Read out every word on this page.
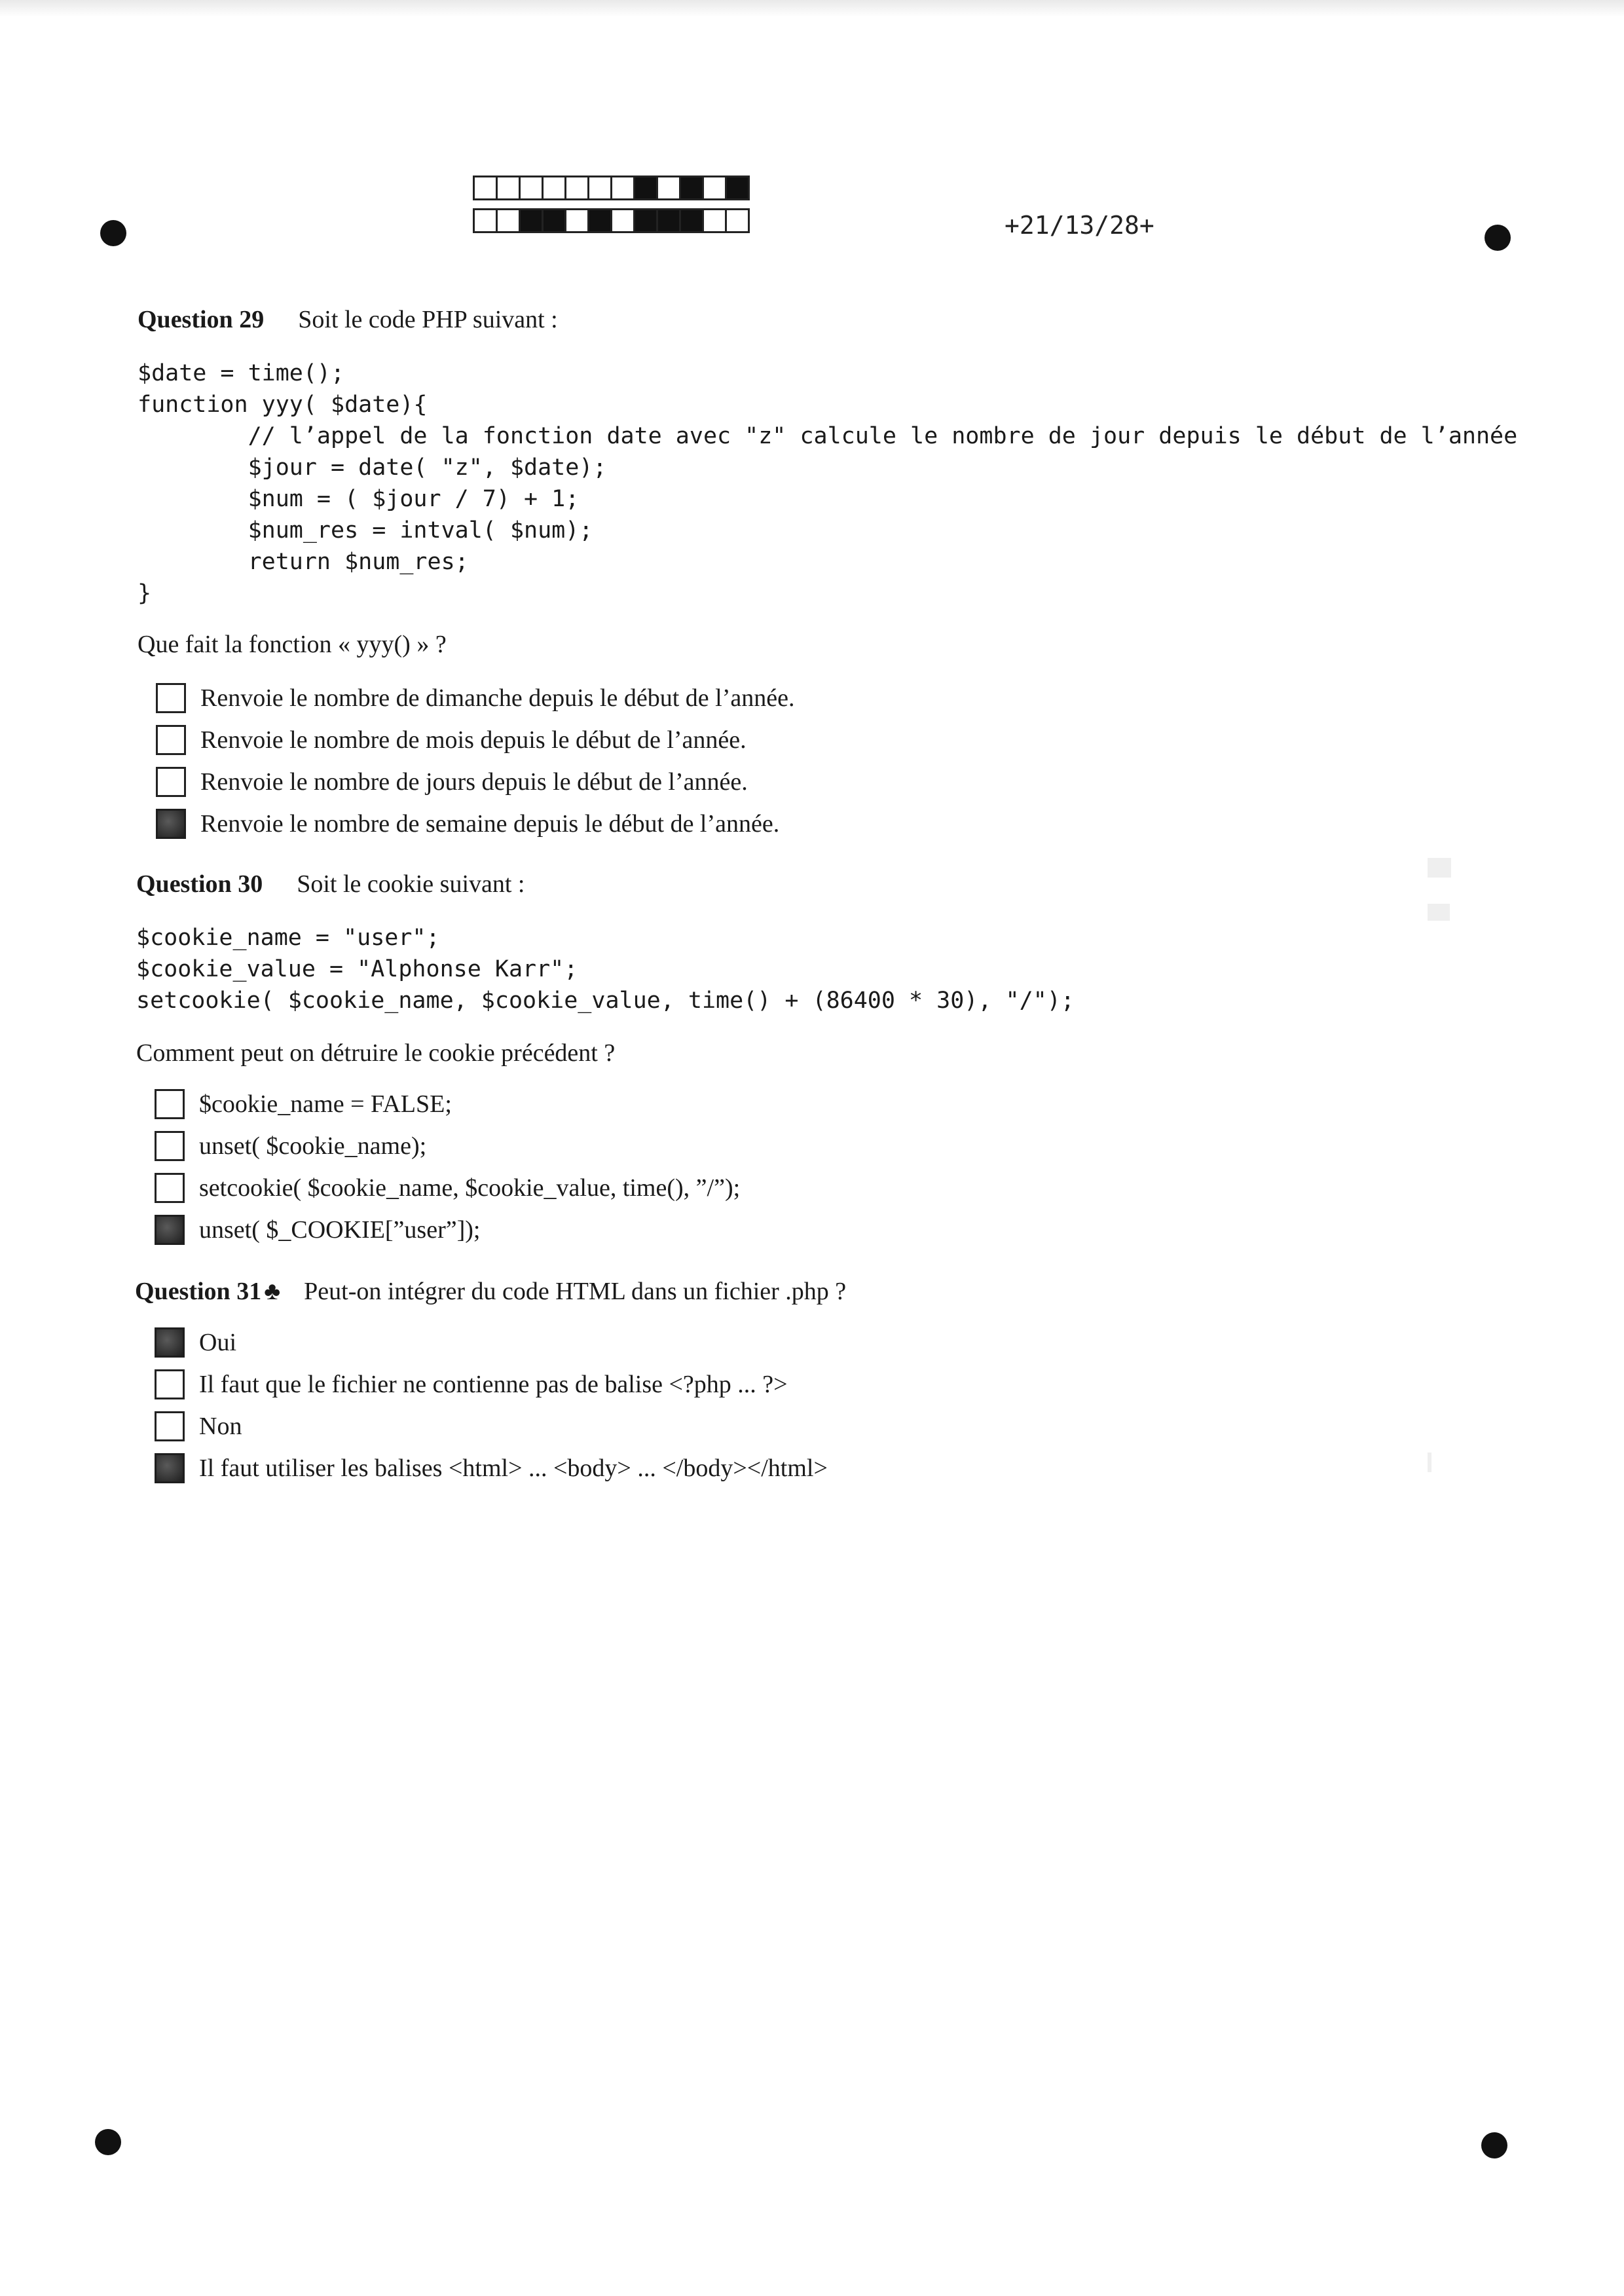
+21/13/28+
Question 29 Soit le code PHP suivant :
$date = time();
function yyy( $date){
// l’appel de la fonction date avec "z" calcule le nombre de jour depuis le début de l’année
$jour = date( "z", $date);
$num = ( $jour / 7) + 1;
$num_res = intval( $num);
return $num_res;
}
Que fait la fonction « yyy() » ?
Renvoie le nombre de dimanche depuis le début de l’année.
Renvoie le nombre de mois depuis le début de l’année.
Renvoie le nombre de jours depuis le début de l’année.
Renvoie le nombre de semaine depuis le début de l’année.
Question 30 Soit le cookie suivant :
$cookie_name = "user";
$cookie_value = "Alphonse Karr";
setcookie( $cookie_name, $cookie_value, time() + (86400 * 30), "/");
Comment peut on détruire le cookie précédent ?
$cookie_name = FALSE;
unset( $cookie_name);
setcookie( $cookie_name, $cookie_value, time(), ”/”);
unset( $_COOKIE[”user”]);
Question 31 ♣ Peut-on intégrer du code HTML dans un fichier .php ?
Oui
Il faut que le fichier ne contienne pas de balise <?php ... ?>
Non
Il faut utiliser les balises <html> ... <body> ... </body></html>
